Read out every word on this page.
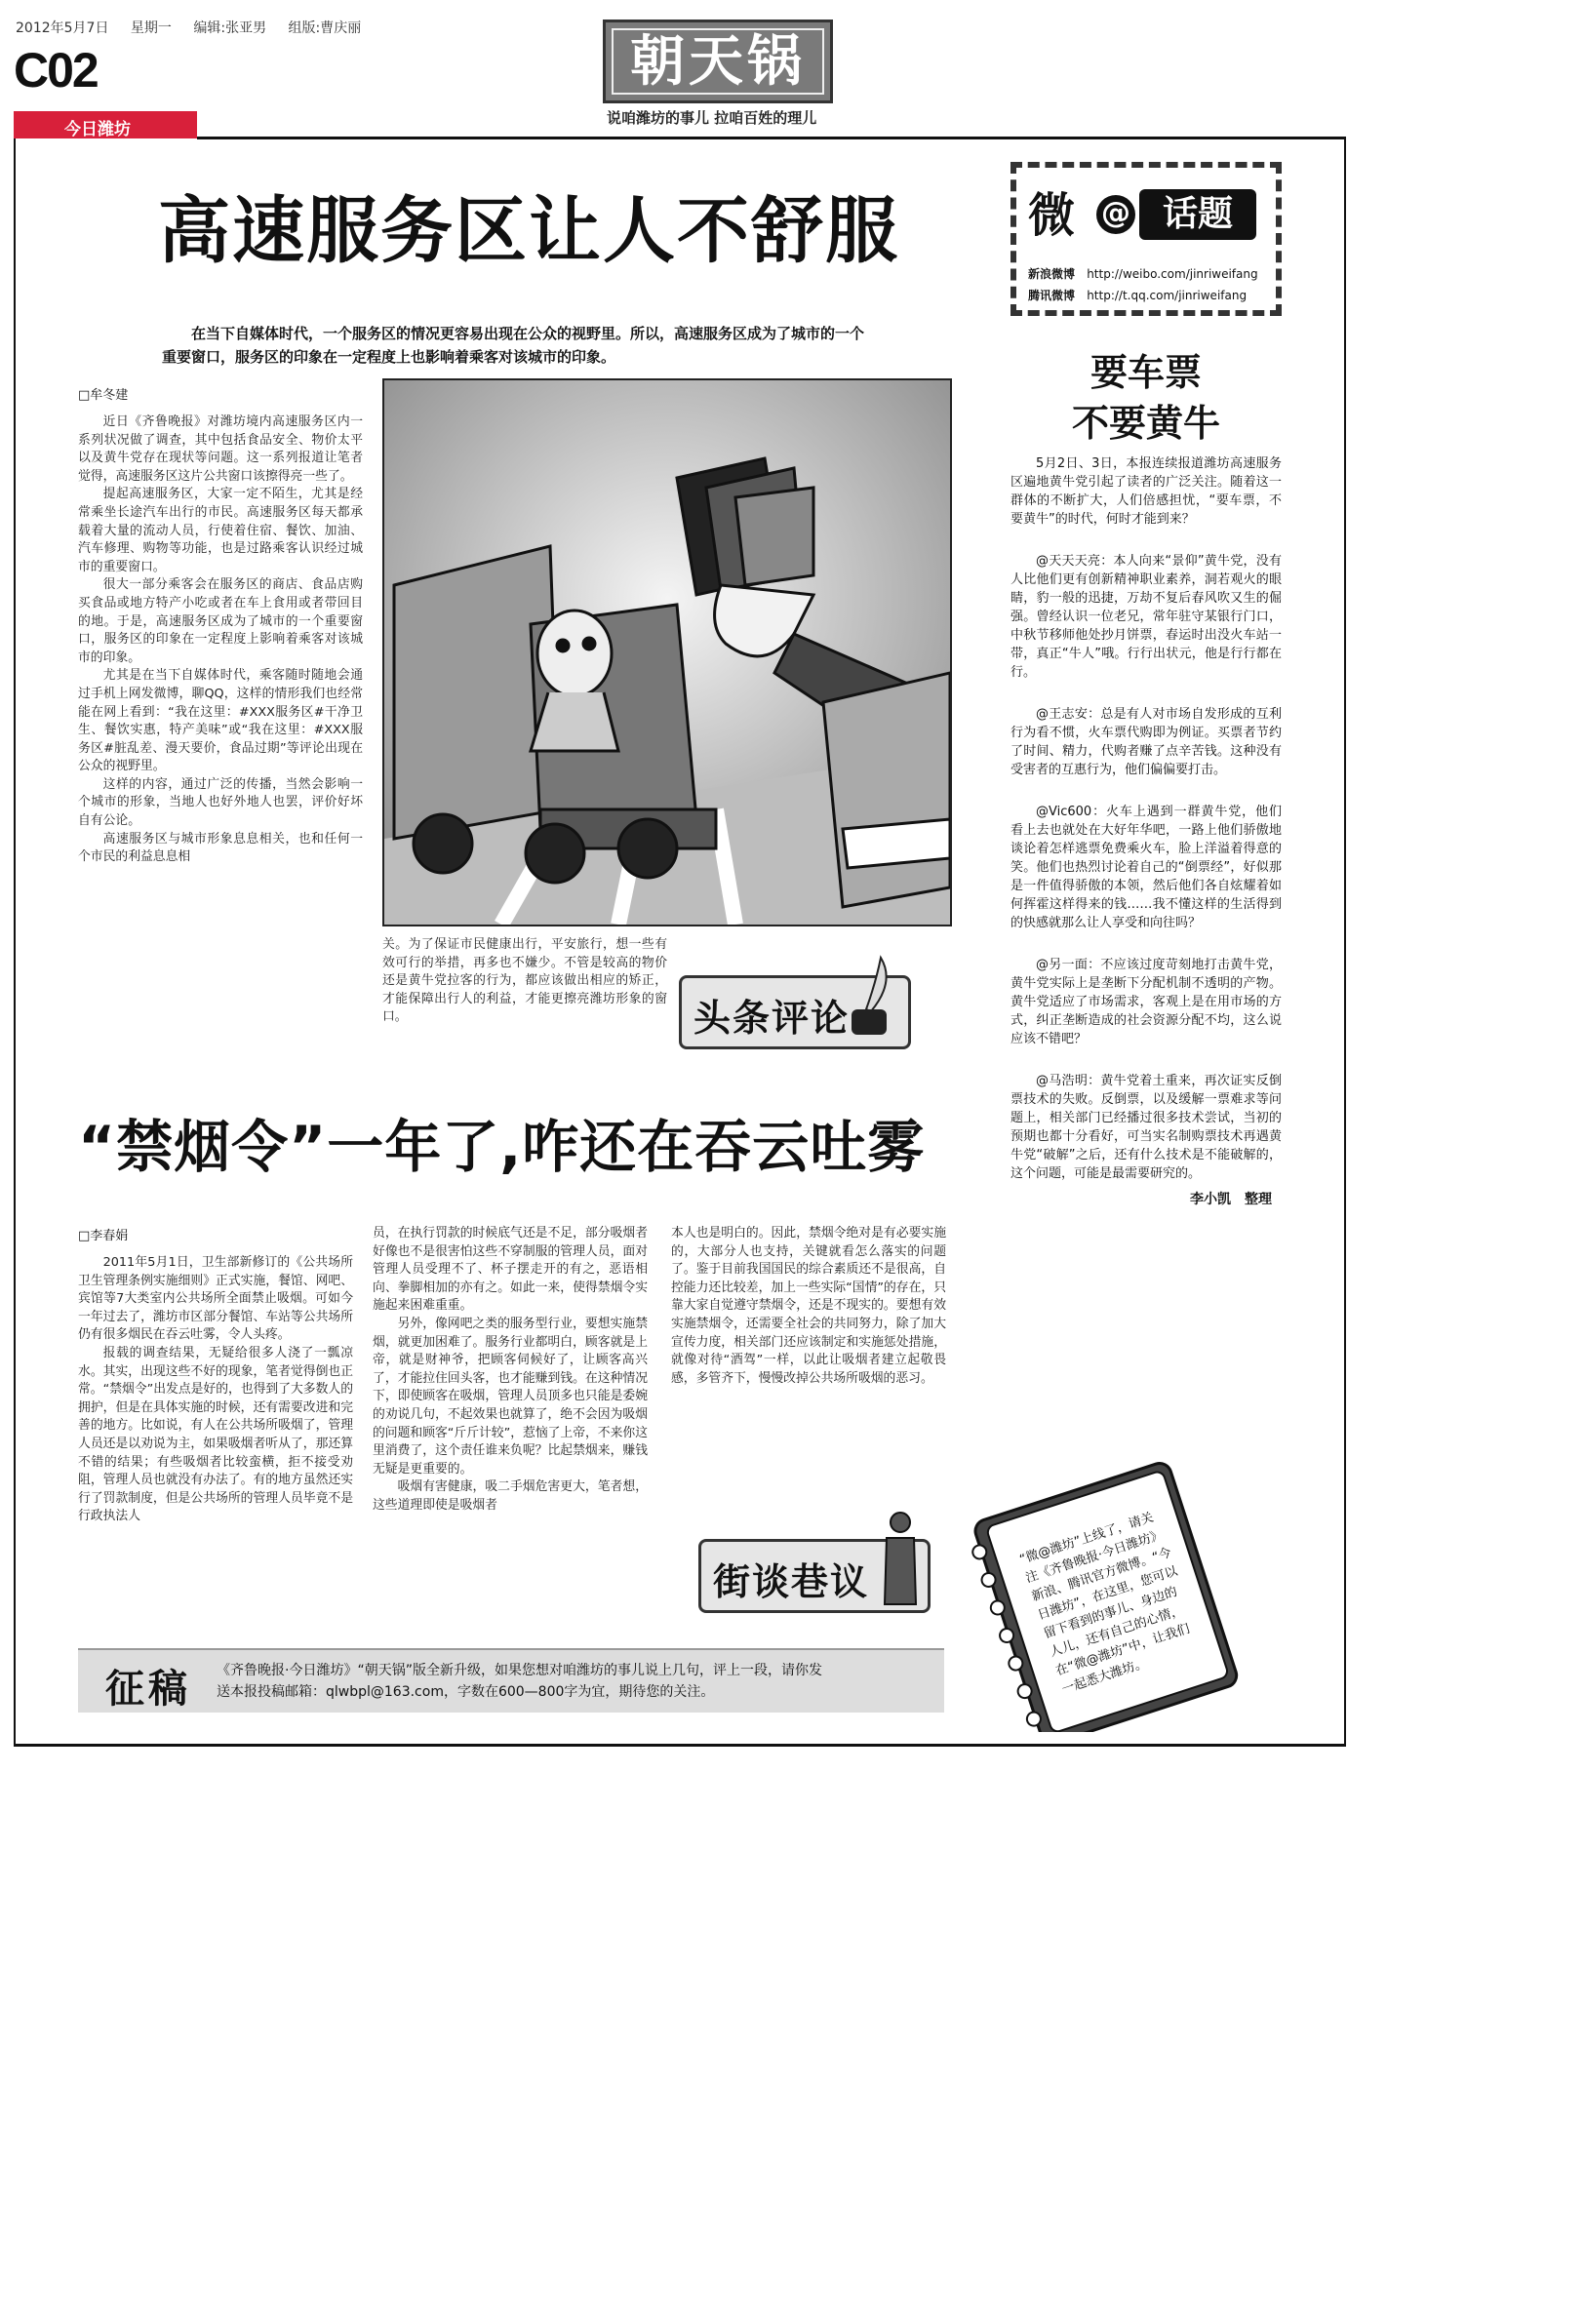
2012年5月7日 星期一 编辑:张亚男 组版:曹庆丽
C02
今日潍坊
朝天锅
说咱潍坊的事儿 拉咱百姓的理儿
高速服务区让人不舒服
在当下自媒体时代，一个服务区的情况更容易出现在公众的视野里。所以，高速服务区成为了城市的一个重要窗口，服务区的印象在一定程度上也影响着乘客对该城市的印象。
□牟冬建

近日《齐鲁晚报》对潍坊境内高速服务区内一系列状况做了调查，其中包括食品安全、物价太平以及黄牛党存在现状等问题。这一系列报道让笔者觉得，高速服务区这片公共窗口该擦得亮一些了。

提起高速服务区，大家一定不陌生，尤其是经常乘坐长途汽车出行的市民。高速服务区每天都承载着大量的流动人员，行使着住宿、餐饮、加油、汽车修理、购物等功能，也是过路乘客认识经过城市的重要窗口。

很大一部分乘客会在服务区的商店、食品店购买食品或地方特产小吃或者在车上食用或者带回目的地。于是，高速服务区成为了城市的一个重要窗口，服务区的印象在一定程度上影响着乘客对该城市的印象。

尤其是在当下自媒体时代，乘客随时随地会通过手机上网发微博，聊QQ，这样的情形我们也经常能在网上看到：“我在这里：#XXX服务区#干净卫生、餐饮实惠，特产美味”或“我在这里：#XXX服务区#脏乱差、漫天要价，食品过期”等评论出现在公众的视野里。

这样的内容，通过广泛的传播，当然会影响一个城市的形象，当地人也好外地人也罢，评价好坏自有公论。

高速服务区与城市形象息息相关，也和任何一个市民的利益息息相

关。为了保证市民健康出行，平安旅行，想一些有效可行的举措，再多也不嫌少。不管是较高的物价还是黄牛党拉客的行为，都应该做出相应的矫正，才能保障出行人的利益，才能更擦亮潍坊形象的窗口。	头条评论
微 @ 话题
新浪微博 http://weibo.com/jinriweifang
腾讯微博 http://t.qq.com/jinriweifang
要车票
不要黄牛

5月2日、3日，本报连续报道潍坊高速服务区遍地黄牛党引起了读者的广泛关注。随着这一群体的不断扩大，人们倍感担忧，“要车票，不要黄牛”的时代，何时才能到来？

@天天天亮：本人向来“景仰”黄牛党，没有人比他们更有创新精神职业素养，洞若观火的眼睛，豹一般的迅捷，万劫不复后春风吹又生的倔强。曾经认识一位老兄，常年驻守某银行门口，中秋节移师他处抄月饼票，春运时出没火车站一带，真正“牛人”哦。行行出状元，他是行行都在行。

@王志安：总是有人对市场自发形成的互利行为看不惯，火车票代购即为例证。买票者节约了时间、精力，代购者赚了点辛苦钱。这种没有受害者的互惠行为，他们偏偏要打击。

@Vic600：火车上遇到一群黄牛党，他们看上去也就处在大好年华吧，一路上他们骄傲地谈论着怎样逃票免费乘火车，脸上洋溢着得意的笑。他们也热烈讨论着自己的“倒票经”，好似那是一件值得骄傲的本领，然后他们各自炫耀着如何挥霍这样得来的钱……我不懂这样的生活得到的快感就那么让人享受和向往吗？

@另一面：不应该过度苛刻地打击黄牛党，黄牛党实际上是垄断下分配机制不透明的产物。黄牛党适应了市场需求，客观上是在用市场的方式，纠正垄断造成的社会资源分配不均，这么说应该不错吧？

@马浩明：黄牛党着土重来，再次证实反倒票技术的失败。反倒票，以及缓解一票难求等问题上，相关部门已经播过很多技术尝试，当初的预期也都十分看好，可当实名制购票技术再遇黄牛党“破解”之后，还有什么技术是不能破解的，这个问题，可能是最需要研究的。

李小凯　整理
“禁烟令”一年了,咋还在吞云吐雾
□李春娟

2011年5月1日，卫生部新修订的《公共场所卫生管理条例实施细则》正式实施，餐馆、网吧、宾馆等7大类室内公共场所全面禁止吸烟。可如今一年过去了，潍坊市区部分餐馆、车站等公共场所仍有很多烟民在吞云吐雾，令人头疼。

报载的调查结果，无疑给很多人浇了一瓢凉水。其实，出现这些不好的现象，笔者觉得倒也正常。“禁烟令”出发点是好的，也得到了大多数人的拥护，但是在具体实施的时候，还有需要改进和完善的地方。比如说，有人在公共场所吸烟了，管理人员还是以劝说为主，如果吸烟者听从了，那还算不错的结果；有些吸烟者比较蛮横，拒不接受劝阻，管理人员也就没有办法了。有的地方虽然还实行了罚款制度，但是公共场所的管理人员毕竟不是行政执法人

员，在执行罚款的时候底气还是不足，部分吸烟者好像也不是很害怕这些不穿制服的管理人员，面对管理人员受理不了、杯子摆走开的有之，恶语相向、拳脚相加的亦有之。如此一来，使得禁烟令实施起来困难重重。

另外，像网吧之类的服务型行业，要想实施禁烟，就更加困难了。服务行业都明白，顾客就是上帝，就是财神爷，把顾客伺候好了，让顾客高兴了，才能拉住回头客，也才能赚到钱。在这种情况下，即使顾客在吸烟，管理人员顶多也只能是委婉的劝说几句，不起效果也就算了，绝不会因为吸烟的问题和顾客“斤斤计较”，惹恼了上帝，不来你这里消费了，这个责任谁来负呢？比起禁烟来，赚钱无疑是更重要的。

吸烟有害健康，吸二手烟危害更大，笔者想，这些道理即使是吸烟者

本人也是明白的。因此，禁烟令绝对是有必要实施的，大部分人也支持，关键就看怎么落实的问题了。鉴于目前我国国民的综合素质还不是很高，自控能力还比较差，加上一些实际“国情”的存在，只靠大家自觉遵守禁烟令，还是不现实的。要想有效实施禁烟令，还需要全社会的共同努力，除了加大宣传力度，相关部门还应该制定和实施惩处措施，就像对待“酒驾”一样，以此让吸烟者建立起敬畏感，多管齐下，慢慢改掉公共场所吸烟的恶习。

街谈巷议
“微@潍坊”上线了，请关注《齐鲁晚报·今日潍坊》新浪、腾讯官方微博。“今日潍坊”，在这里，您可以留下看到的事儿、身边的人儿，还有自己的心情，在“微@潍坊”中，让我们一起悉大潍坊。
征稿 《齐鲁晚报·今日潍坊》“朝天锅”版全新升级，如果您想对咱潍坊的事儿说上几句，评上一段，请你发
送本报投稿邮箱：qlwbpl@163.com，字数在600—800字为宜，期待您的关注。
